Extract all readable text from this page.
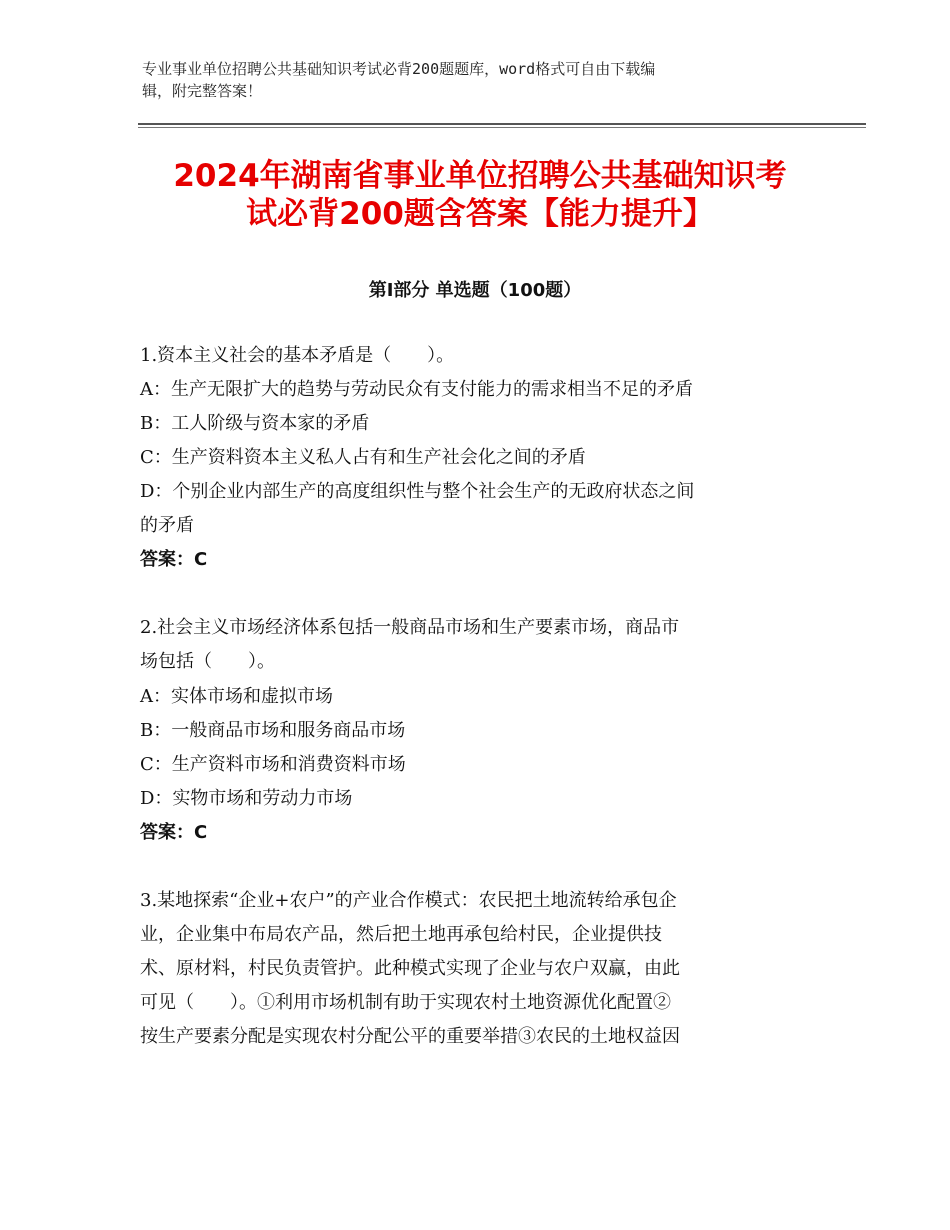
专业事业单位招聘公共基础知识考试必背200题题库，word格式可自由下载编
辑，附完整答案！
2024年湖南省事业单位招聘公共基础知识考
试必背200题含答案【能力提升】
第Ⅰ部分 单选题（100题）
1.资本主义社会的基本矛盾是（　　）。
A：生产无限扩大的趋势与劳动民众有支付能力的需求相当不足的矛盾
B：工人阶级与资本家的矛盾
C：生产资料资本主义私人占有和生产社会化之间的矛盾
D：个别企业内部生产的高度组织性与整个社会生产的无政府状态之间
的矛盾
答案：C
2.社会主义市场经济体系包括一般商品市场和生产要素市场，商品市
场包括（　　）。
A：实体市场和虚拟市场
B：一般商品市场和服务商品市场
C：生产资料市场和消费资料市场
D：实物市场和劳动力市场
答案：C
3.某地探索“企业+农户”的产业合作模式：农民把土地流转给承包企
业，企业集中布局农产品，然后把土地再承包给村民，企业提供技
术、原材料，村民负责管护。此种模式实现了企业与农户双赢，由此
可见（　　）。①利用市场机制有助于实现农村土地资源优化配置②
按生产要素分配是实现农村分配公平的重要举措③农民的土地权益因
